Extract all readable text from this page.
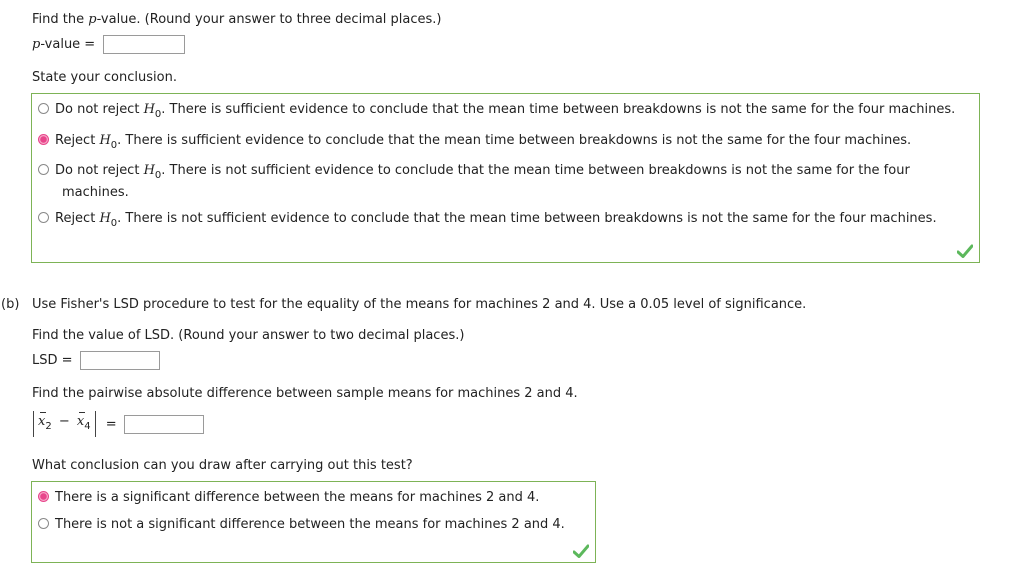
Find the p-value. (Round your answer to three decimal places.)
p-value =
State your conclusion.
Do not reject $H_0$. There is sufficient evidence to conclude that the mean time between breakdowns is not the same for the four machines.
Reject $H_0$. There is sufficient evidence to conclude that the mean time between breakdowns is not the same for the four machines.
Do not reject $H_0$. There is not sufficient evidence to conclude that the mean time between breakdowns is not the same for the four
machines.
Reject $H_0$. There is not sufficient evidence to conclude that the mean time between breakdowns is not the same for the four machines.
(b) Use Fisher's LSD procedure to test for the equality of the means for machines 2 and 4. Use a 0.05 level of significance.
Find the value of LSD. (Round your answer to two decimal places.)
LSD =
Find the pairwise absolute difference between sample means for machines 2 and 4.
$x_2 - x_4$ =
What conclusion can you draw after carrying out this test?
There is a significant difference between the means for machines 2 and 4.
There is not a significant difference between the means for machines 2 and 4.
